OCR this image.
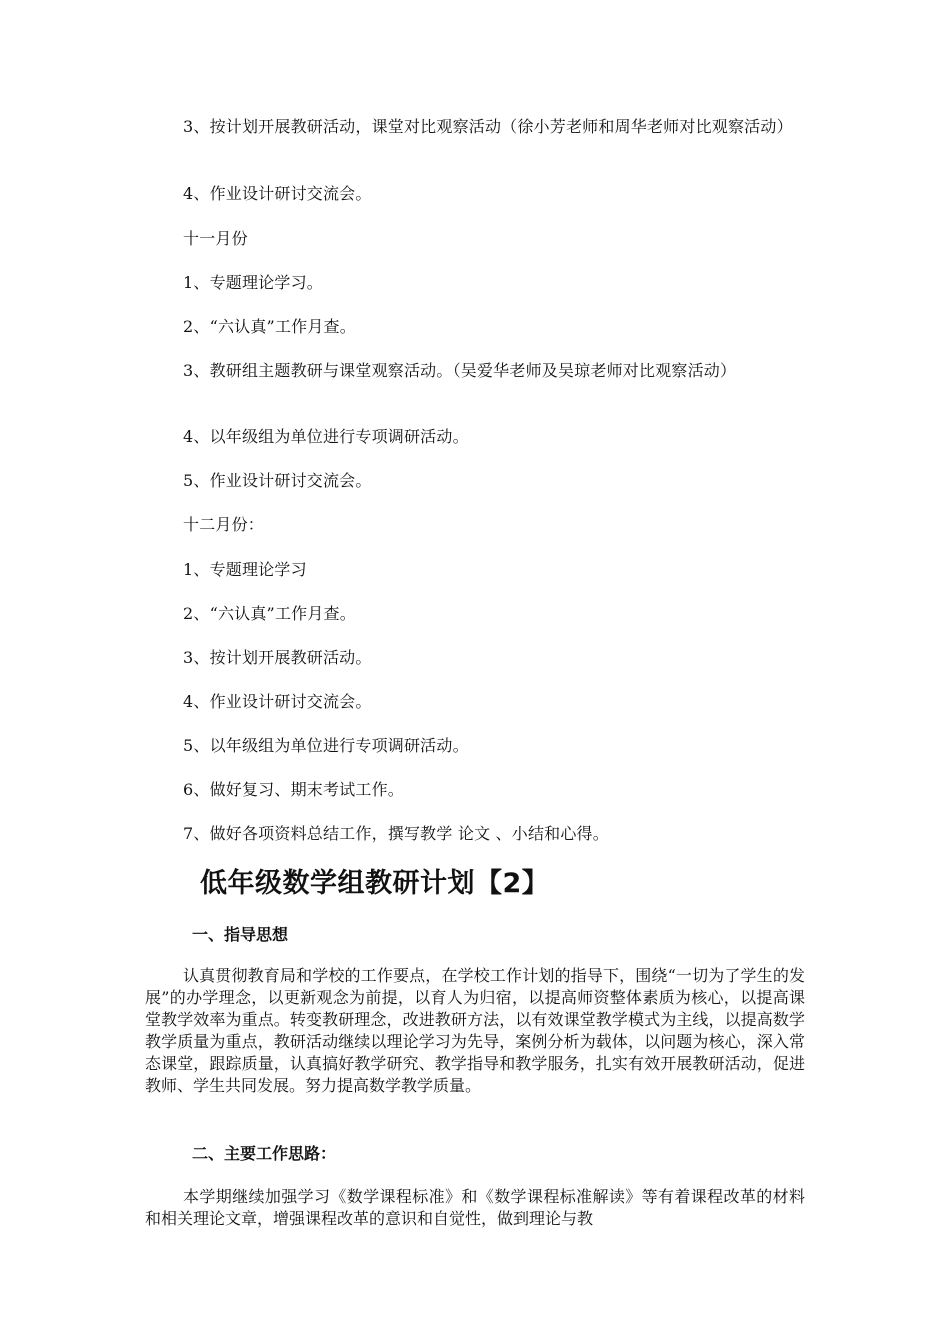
3、按计划开展教研活动，课堂对比观察活动（徐小芳老师和周华老师对比观察活动）

4、作业设计研讨交流会。

十一月份

1、专题理论学习。

2、“六认真”工作月查。

3、教研组主题教研与课堂观察活动。（吴爱华老师及吴琼老师对比观察活动）

4、以年级组为单位进行专项调研活动。

5、作业设计研讨交流会。

十二月份：

1、专题理论学习

2、“六认真”工作月查。

3、按计划开展教研活动。

4、作业设计研讨交流会。

5、以年级组为单位进行专项调研活动。

6、做好复习、期末考试工作。

7、做好各项资料总结工作，撰写教学 论文 、小结和心得。

低年级数学组教研计划【2】
一、指导思想

认真贯彻教育局和学校的工作要点，在学校工作计划的指导下，围绕“一切为了学生的发展”的办学理念，以更新观念为前提，以育人为归宿，以提高师资整体素质为核心，以提高课堂教学效率为重点。转变教研理念，改进教研方法，以有效课堂教学模式为主线，以提高数学教学质量为重点，教研活动继续以理论学习为先导，案例分析为载体，以问题为核心，深入常态课堂，跟踪质量，认真搞好教学研究、教学指导和教学服务，扎实有效开展教研活动，促进教师、学生共同发展。努力提高数学教学质量。

二、主要工作思路：

本学期继续加强学习《数学课程标准》和《数学课程标准解读》等有着课程改革的材料和相关理论文章，增强课程改革的意识和自觉性，做到理论与教
